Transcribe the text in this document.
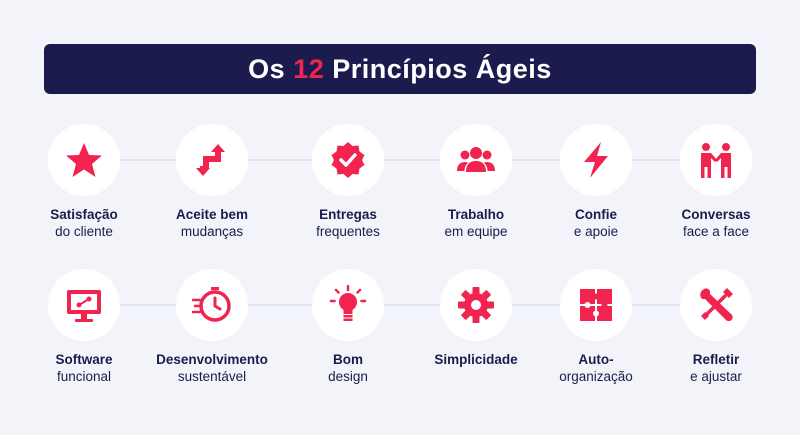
Os 12 Princípios Ágeis
Satisfação
do cliente
Aceite bem
mudanças
Entregas
frequentes
Trabalho
em equipe
Confie
e apoie
Conversas
face a face
Software
funcional
Desenvolvimento
sustentável
Bom
design
Simplicidade	Auto-
organização
Refletir
e ajustar
